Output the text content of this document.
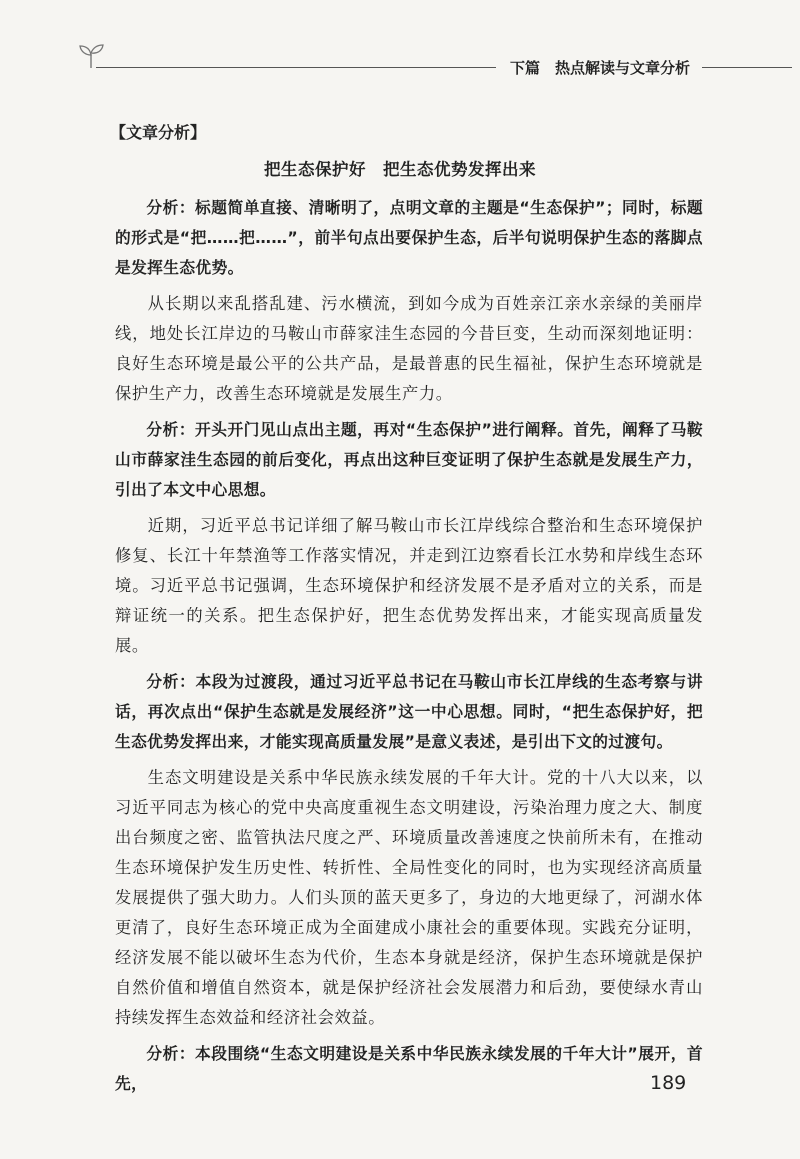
下篇　热点解读与文章分析
【文章分析】
把生态保护好　把生态优势发挥出来

分析：标题简单直接、清晰明了，点明文章的主题是“生态保护”；同时，标题的形式是“把……把……”，前半句点出要保护生态，后半句说明保护生态的落脚点是发挥生态优势。

从长期以来乱搭乱建、污水横流，到如今成为百姓亲江亲水亲绿的美丽岸线，地处长江岸边的马鞍山市薛家洼生态园的今昔巨变，生动而深刻地证明：良好生态环境是最公平的公共产品，是最普惠的民生福祉，保护生态环境就是保护生产力，改善生态环境就是发展生产力。

分析：开头开门见山点出主题，再对“生态保护”进行阐释。首先，阐释了马鞍山市薛家洼生态园的前后变化，再点出这种巨变证明了保护生态就是发展生产力，引出了本文中心思想。

近期，习近平总书记详细了解马鞍山市长江岸线综合整治和生态环境保护修复、长江十年禁渔等工作落实情况，并走到江边察看长江水势和岸线生态环境。习近平总书记强调，生态环境保护和经济发展不是矛盾对立的关系，而是辩证统一的关系。把生态保护好，把生态优势发挥出来，才能实现高质量发展。

分析：本段为过渡段，通过习近平总书记在马鞍山市长江岸线的生态考察与讲话，再次点出“保护生态就是发展经济”这一中心思想。同时，“把生态保护好，把生态优势发挥出来，才能实现高质量发展”是意义表述，是引出下文的过渡句。

生态文明建设是关系中华民族永续发展的千年大计。党的十八大以来，以习近平同志为核心的党中央高度重视生态文明建设，污染治理力度之大、制度出台频度之密、监管执法尺度之严、环境质量改善速度之快前所未有，在推动生态环境保护发生历史性、转折性、全局性变化的同时，也为实现经济高质量发展提供了强大助力。人们头顶的蓝天更多了，身边的大地更绿了，河湖水体更清了，良好生态环境正成为全面建成小康社会的重要体现。实践充分证明，经济发展不能以破坏生态为代价，生态本身就是经济，保护生态环境就是保护自然价值和增值自然资本，就是保护经济社会发展潜力和后劲，要使绿水青山持续发挥生态效益和经济社会效益。

分析：本段围绕“生态文明建设是关系中华民族永续发展的千年大计”展开，首先，	189
